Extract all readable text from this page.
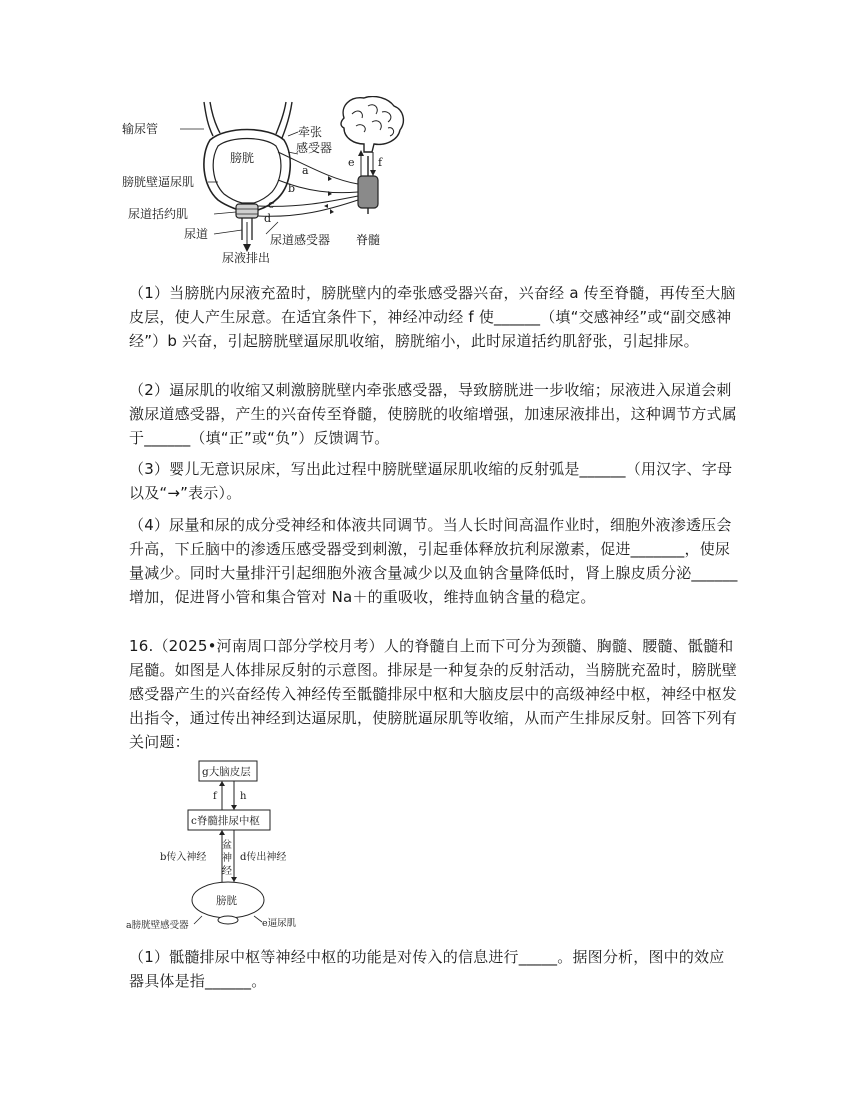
输尿管
膀胱
牵张
感受器
膀胱壁逼尿肌
尿道括约肌
尿道	尿道感受器 脊髓
尿液排出
a
b
c
d
e f

（1）当膀胱内尿液充盈时，膀胱壁内的牵张感受器兴奋，兴奋经 a 传至脊髓，再传至大脑皮层，使人产生尿意。在适宜条件下，神经冲动经 f 使______（填“交感神经”或“副交感神经”）b 兴奋，引起膀胱壁逼尿肌收缩，膀胱缩小，此时尿道括约肌舒张，引起排尿。

（2）逼尿肌的收缩又刺激膀胱壁内牵张感受器，导致膀胱进一步收缩；尿液进入尿道会刺激尿道感受器，产生的兴奋传至脊髓，使膀胱的收缩增强，加速尿液排出，这种调节方式属于______（填“正”或“负”）反馈调节。

（3）婴儿无意识尿床，写出此过程中膀胱壁逼尿肌收缩的反射弧是______（用汉字、字母以及“→”表示）。

（4）尿量和尿的成分受神经和体液共同调节。当人长时间高温作业时，细胞外液渗透压会升高，下丘脑中的渗透压感受器受到刺激，引起垂体释放抗利尿激素，促进_______，使尿量减少。同时大量排汗引起细胞外液含量减少以及血钠含量降低时，肾上腺皮质分泌______增加，促进肾小管和集合管对 Na＋的重吸收，维持血钠含量的稳定。

16.（2025•河南周口部分学校月考）人的脊髓自上而下可分为颈髓、胸髓、腰髓、骶髓和尾髓。如图是人体排尿反射的示意图。排尿是一种复杂的反射活动，当膀胱充盈时，膀胱壁感受器产生的兴奋经传入神经传至骶髓排尿中枢和大脑皮层中的高级神经中枢，神经中枢发出指令，通过传出神经到达逼尿肌，使膀胱逼尿肌等收缩，从而产生排尿反射。回答下列有关问题：

g大脑皮层
f h
c脊髓排尿中枢
盆
神
经
b传入神经	d传出神经
膀胱
a膀胱壁感受器	e逼尿肌

（1）骶髓排尿中枢等神经中枢的功能是对传入的信息进行_____。据图分析，图中的效应器具体是指______。
